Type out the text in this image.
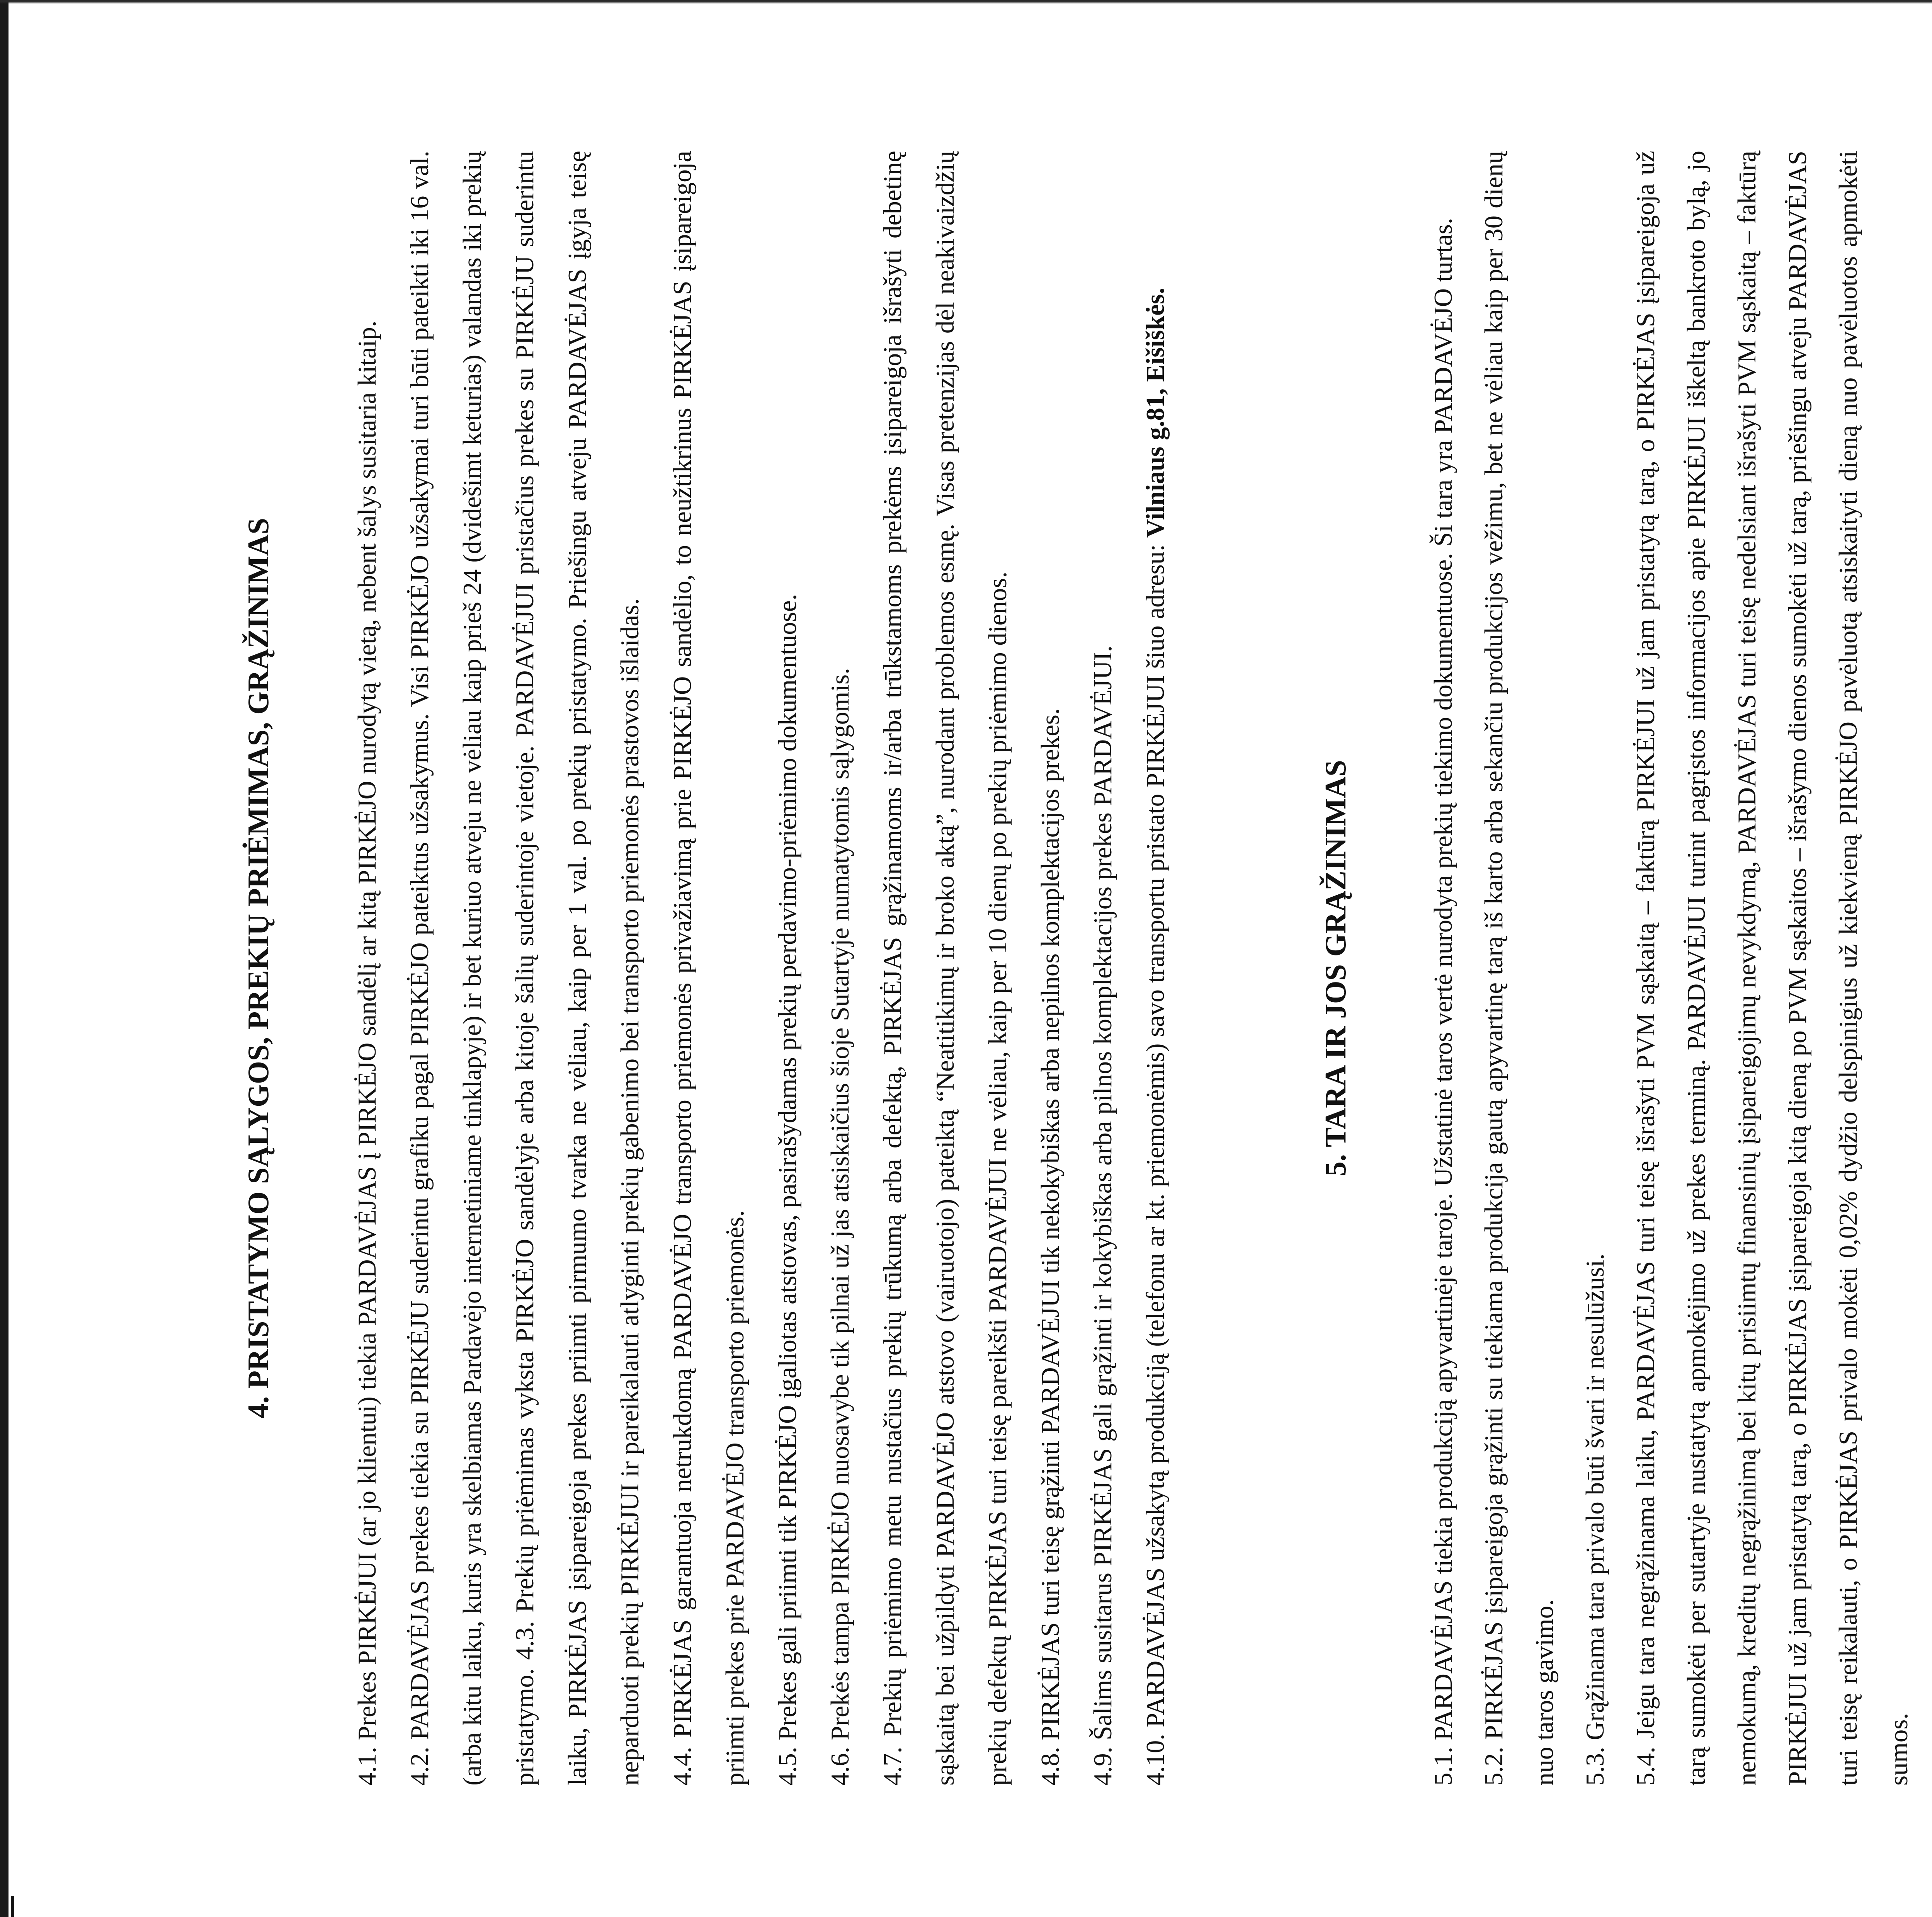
4. PRISTATYMO SĄLYGOS, PREKIŲ PRIĖMIMAS, GRĄŽINIMAS	4.1. Prekes PIRKĖJUI (ar jo klientui) tiekia PARDAVĖJAS į PIRKĖJO sandėlį ar kitą PIRKĖJO nurodytą vietą, nebent šalys susitaria kitaip. 4.2. PARDAVĖJAS prekes tiekia su PIRKĖJU suderintu grafiku pagal PIRKĖJO pateiktus užsakymus. Visi PIRKĖJO užsakymai turi būti pateikti iki 16 val. (arba kitu laiku, kuris yra skelbiamas Pardavėjo internetiniame tinklapyje) ir bet kuriuo atveju ne vėliau kaip prieš 24 (dvidešimt keturias) valandas iki prekių pristatymo. 4.3. Prekių priėmimas vyksta PIRKĖJO sandėlyje arba kitoje šalių suderintoje vietoje. PARDAVĖJUI pristačius prekes su PIRKĖJU suderintu laiku, PIRKĖJAS įsipareigoja prekes priimti pirmumo tvarka ne vėliau, kaip per 1 val. po prekių pristatymo. Priešingu atveju PARDAVĖJAS įgyja teisę neparduoti prekių PIRKĖJUI ir pareikalauti atlyginti prekių gabenimo bei transporto priemonės prastovos išlaidas. 4.4. PIRKĖJAS garantuoja netrukdomą PARDAVĖJO transporto priemonės privažiavimą prie PIRKĖJO sandėlio, to neužtikrinus PIRKĖJAS įsipareigoja priimti prekes prie PARDAVĖJO transporto priemonės. 4.5. Prekes gali priimti tik PIRKĖJO įgaliotas atstovas, pasirašydamas prekių perdavimo-priėmimo dokumentuose. 4.6. Prekės tampa PIRKĖJO nuosavybe tik pilnai už jas atsiskaičius šioje Sutartyje numatytomis sąlygomis. 4.7. Prekių priėmimo metu nustačius prekių trūkumą arba defektą, PIRKĖJAS grąžinamoms ir/arba trūkstamoms prekėms įsipareigoja išrašyti debetinę sąskaitą bei užpildyti PARDAVĖJO atstovo (vairuotojo) pateiktą “Neatitikimų ir broko aktą”, nurodant problemos esmę. Visas pretenzijas dėl neakivaizdžių prekių defektų PIRKĖJAS turi teisę pareikšti PARDAVĖJUI ne vėliau, kaip per 10 dienų po prekių priėmimo dienos. 4.8. PIRKĖJAS turi teisę grąžinti PARDAVĖJUI tik nekokybiškas arba nepilnos komplektacijos prekes. 4.9. Šalims susitarus PIRKĖJAS gali grąžinti ir kokybiškas arba pilnos komplektacijos prekes PARDAVĖJUI. 4.10. PARDAVĖJAS užsakytą produkciją (telefonu ar kt. priemonėmis) savo transportu pristato PIRKĖJUI šiuo adresu: Vilniaus g.81, Eišiškės.

5. TARA IR JOS GRĄŽINIMAS	5.1. PARDAVĖJAS tiekia produkciją apyvartinėje taroje. Užstatinė taros vertė nurodyta prekių tiekimo dokumentuose. Ši tara yra PARDAVĖJO turtas. 5.2. PIRKĖJAS įsipareigoja grąžinti su tiekiama produkcija gautą apyvartinę tarą iš karto arba sekančiu produkcijos vežimu, bet ne vėliau kaip per 30 dienų nuo taros gavimo. 5.3. Grąžinama tara privalo būti švari ir nesulūžusi. 5.4. Jeigu tara negrąžinama laiku, PARDAVĖJAS turi teisę išrašyti PVM sąskaitą – faktūrą PIRKĖJUI už jam pristatytą tarą, o PIRKĖJAS įsipareigoja už tarą sumokėti per sutartyje nustatytą apmokėjimo už prekes terminą. PARDAVĖJUI turint pagrįstos informacijos apie PIRKĖJUI iškeltą bankroto bylą, jo nemokumą, kreditų negrąžinimą bei kitų prisiimtų finansinių įsipareigojimų nevykdymą, PARDAVĖJAS turi teisę nedelsiant išrašyti PVM sąskaitą – faktūrą PIRKĖJUI už jam pristatytą tarą, o PIRKĖJAS įsipareigoja kitą dieną po PVM sąskaitos – išrašymo dienos sumokėti už tarą, priešingu atveju PARDAVĖJAS turi teisę reikalauti, o PIRKĖJAS privalo mokėti 0,02% dydžio delspinigius už kiekvieną PIRKĖJO pavėluotą atsiskaityti dieną nuo pavėluotos apmokėti sumos.
